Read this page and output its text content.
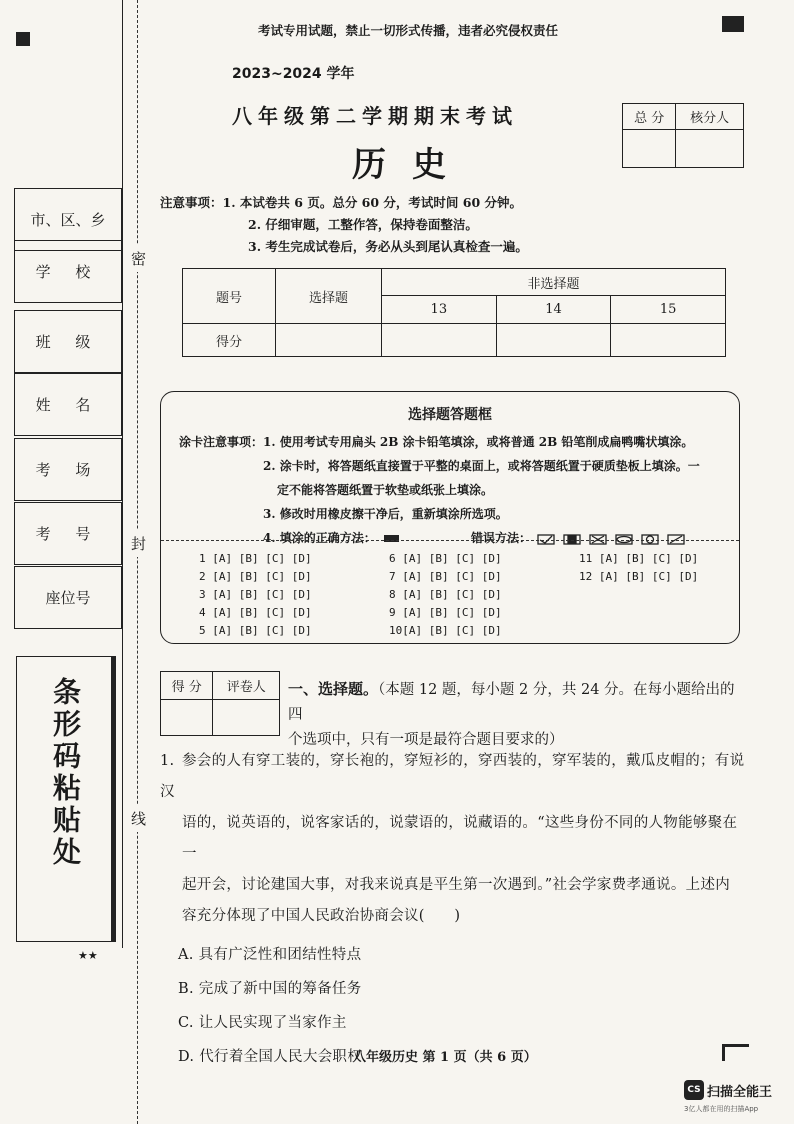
考试专用试题，禁止一切形式传播，违者必究侵权责任
2023~2024 学年
八年级第二学期期末考试
历史
总 分	核分人

注意事项：1. 本试卷共 6 页。总分 60 分，考试时间 60 分钟。
2. 仔细审题，工整作答，保持卷面整洁。
3. 考生完成试卷后，务必从头到尾认真检查一遍。
题号	选择题	非选择题		
		13	14	15
得分				
市、区、乡
学 校
班 级
姓 名
考 场
考 号
座位号
条形码粘贴处
★★
密
封
线
选择题答题框
涂卡注意事项：1. 使用考试专用扁头 2B 涂卡铅笔填涂，或将普通 2B 铅笔削成扁鸭嘴状填涂。
2. 涂卡时，将答题纸直接置于平整的桌面上，或将答题纸置于硬质垫板上填涂。一
定不能将答题纸置于软垫或纸张上填涂。
3. 修改时用橡皮擦干净后，重新填涂所选项。
4. 填涂的正确方法：	错误方法：
1 [A] [B] [C] [D]
2 [A] [B] [C] [D]
3 [A] [B] [C] [D]
4 [A] [B] [C] [D]
5 [A] [B] [C] [D]
6 [A] [B] [C] [D]
7 [A] [B] [C] [D]
8 [A] [B] [C] [D]
9 [A] [B] [C] [D]
10[A] [B] [C] [D]
11 [A] [B] [C] [D]
12 [A] [B] [C] [D]
得 分	评卷人
	一、选择题。（本题 12 题，每小题 2 分，共 24 分。在每小题给出的四
个选项中，只有一项是最符合题目要求的）
1. 参会的人有穿工装的，穿长袍的，穿短衫的，穿西装的，穿军装的，戴瓜皮帽的；有说汉
语的，说英语的，说客家话的，说蒙语的，说藏语的。“这些身份不同的人物能够聚在一
起开会，讨论建国大事，对我来说真是平生第一次遇到。”社会学家费孝通说。上述内
容充分体现了中国人民政治协商会议(　　)
A. 具有广泛性和团结性特点
B. 完成了新中国的筹备任务
C. 让人民实现了当家作主
D. 代行着全国人民大会职权
八年级历史 第 1 页（共 6 页）
CS 扫描全能王
3亿人都在用的扫描App
